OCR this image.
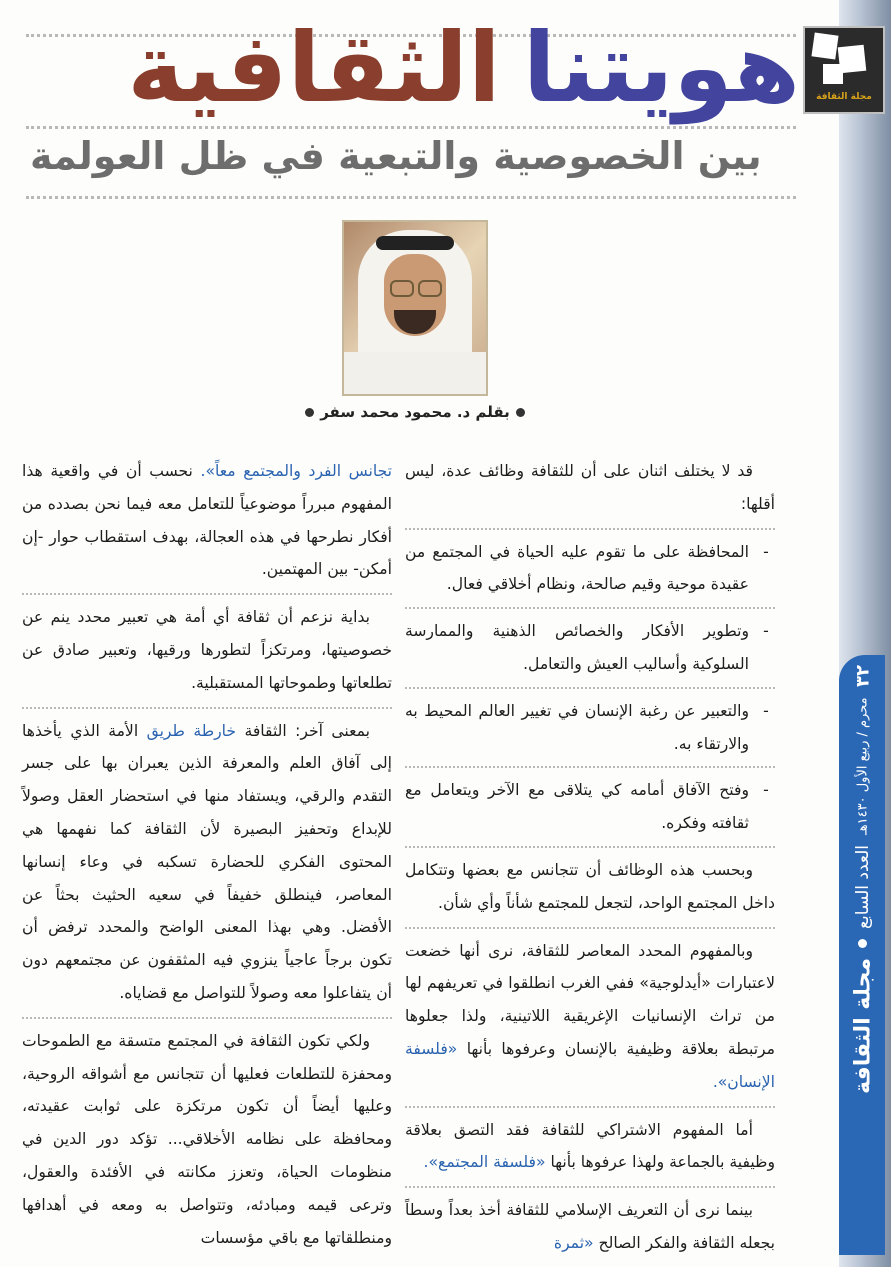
٣٢
محرم / ربيع الأول ١٤٣٠هـ
العدد السابع
مجلة الثقافة
مجلة الثقافة
هويتنا
الثقافية
بين الخصوصية والتبعية في ظل العولمة
بقلم د. محمود محمد سفر

قد لا يختلف اثنان على أن للثقافة وظائف عدة، ليس أقلها:

-
المحافظة على ما تقوم عليه الحياة في المجتمع من عقيدة موحية وقيم صالحة، ونظام أخلاقي فعال.
-
وتطوير الأفكار والخصائص الذهنية والممارسة السلوكية وأساليب العيش والتعامل.
-
والتعبير عن رغبة الإنسان في تغيير العالم المحيط به والارتقاء به.
-
وفتح الآفاق أمامه كي يتلاقى مع الآخر ويتعامل مع ثقافته وفكره.

وبحسب هذه الوظائف أن تتجانس مع بعضها وتتكامل داخل المجتمع الواحد، لتجعل للمجتمع شأناً وأي شأن.

وبالمفهوم المحدد المعاصر للثقافة، نرى أنها خضعت لاعتبارات «أيدلوجية» ففي الغرب انطلقوا في تعريفهم لها من تراث الإنسانيات الإغريقية اللاتينية، ولذا جعلوها مرتبطة بعلاقة وظيفية بالإنسان وعرفوها بأنها «فلسفة الإنسان».

أما المفهوم الاشتراكي للثقافة فقد التصق بعلاقة وظيفية بالجماعة ولهذا عرفوها بأنها «فلسفة المجتمع».

بينما نرى أن التعريف الإسلامي للثقافة أخذ بعداً وسطاً بجعله الثقافة والفكر الصالح «ثمرة

تجانس الفرد والمجتمع معاً». نحسب أن في واقعية هذا المفهوم مبرراً موضوعياً للتعامل معه فيما نحن بصدده من أفكار نطرحها في هذه العجالة، بهدف استقطاب حوار -إن أمكن- بين المهتمين.

بداية نزعم أن ثقافة أي أمة هي تعبير محدد ينم عن خصوصيتها، ومرتكزاً لتطورها ورقيها، وتعبير صادق عن تطلعاتها وطموحاتها المستقبلية.

بمعنى آخر: الثقافة خارطة طريق الأمة الذي يأخذها إلى آفاق العلم والمعرفة الذين يعبران بها على جسر التقدم والرقي، ويستفاد منها في استحضار العقل وصولاً للإبداع وتحفيز البصيرة لأن الثقافة كما نفهمها هي المحتوى الفكري للحضارة تسكبه في وعاء إنسانها المعاصر، فينطلق خفيفاً في سعيه الحثيث بحثاً عن الأفضل. وهي بهذا المعنى الواضح والمحدد ترفض أن تكون برجاً عاجياً ينزوي فيه المثقفون عن مجتمعهم دون أن يتفاعلوا معه وصولاً للتواصل مع قضاياه.

ولكي تكون الثقافة في المجتمع متسقة مع الطموحات ومحفزة للتطلعات فعليها أن تتجانس مع أشواقه الروحية، وعليها أيضاً أن تكون مرتكزة على ثوابت عقيدته، ومحافظة على نظامه الأخلاقي... تؤكد دور الدين في منظومات الحياة، وتعزز مكانته في الأفئدة والعقول، وترعى قيمه ومبادئه، وتتواصل به ومعه في أهدافها ومنطلقاتها مع باقي مؤسسات
